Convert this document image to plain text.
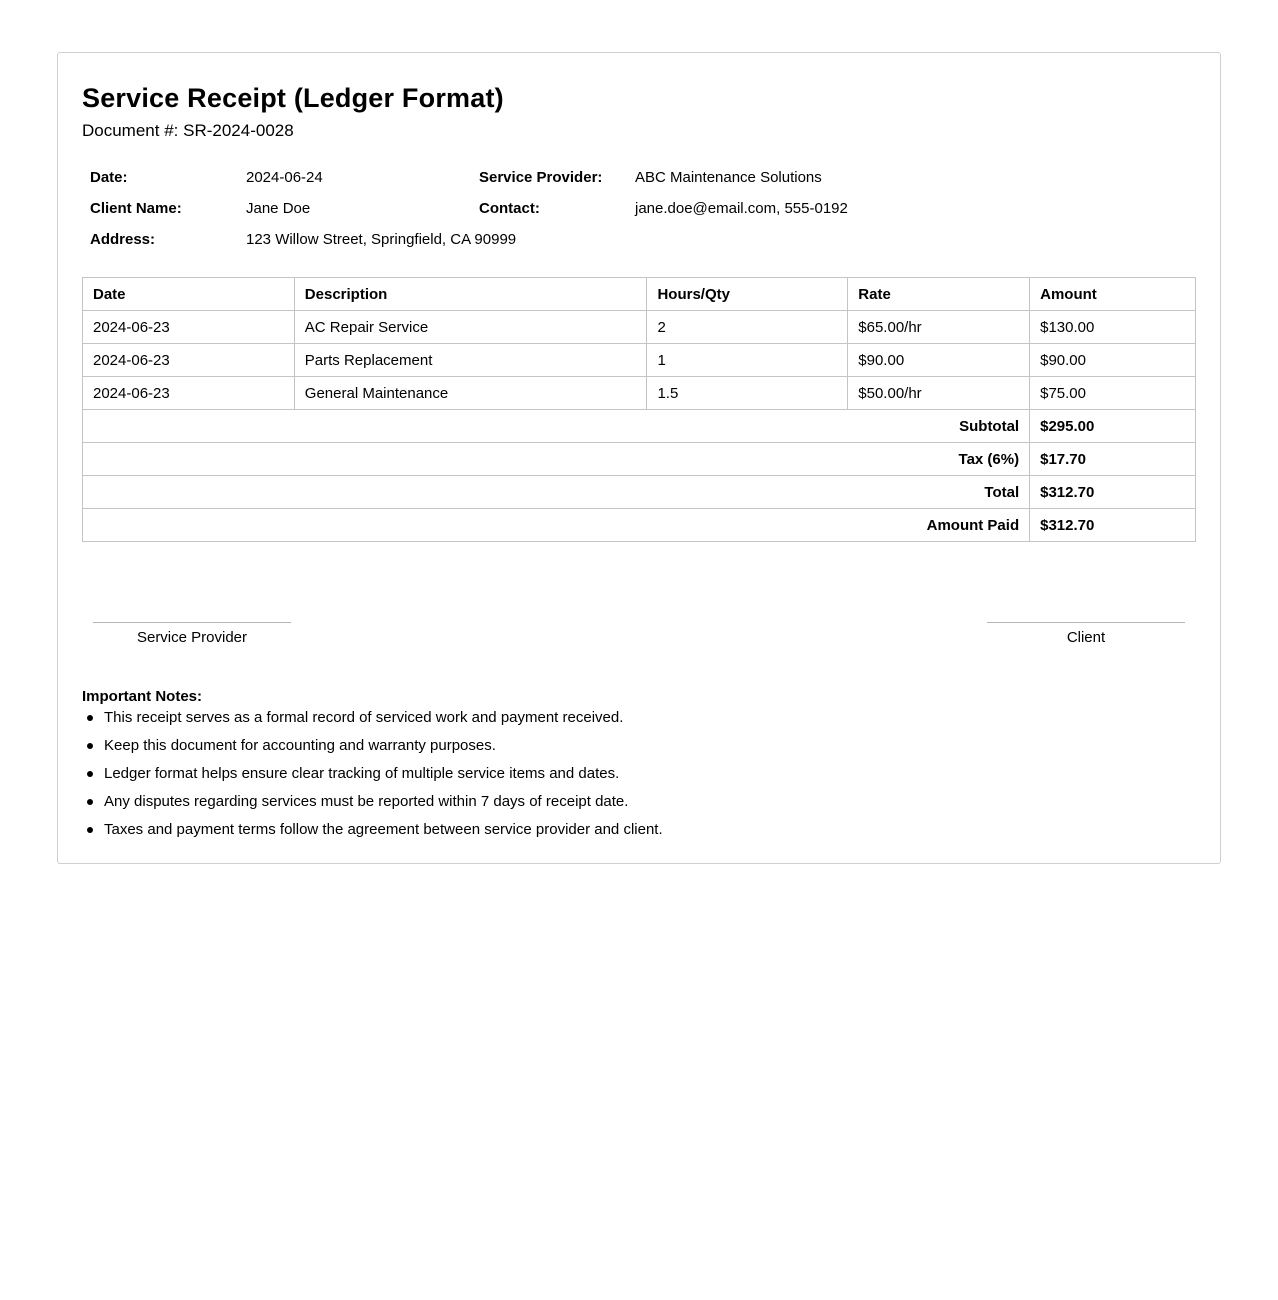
Service Receipt (Ledger Format)
Document #: SR-2024-0028
Date:	2024-06-24	Service Provider: ABC Maintenance Solutions
Client Name:	Jane Doe	Contact:	jane.doe@email.com, 555-0192
Address:	123 Willow Street, Springfield, CA 90999
Date	Description	Hours/Qty	Rate	Amount
2024-06-23	AC Repair Service	2	$65.00/hr	$130.00
2024-06-23	Parts Replacement	1	$90.00	$90.00
2024-06-23	General Maintenance	1.5	$50.00/hr	$75.00
Subtotal				$295.00
Tax (6%)				$17.70
Total				$312.70
Amount Paid				$312.70
Service Provider	Client
Important Notes:
This receipt serves as a formal record of serviced work and payment received.
Keep this document for accounting and warranty purposes.
Ledger format helps ensure clear tracking of multiple service items and dates.
Any disputes regarding services must be reported within 7 days of receipt date.
Taxes and payment terms follow the agreement between service provider and client.
